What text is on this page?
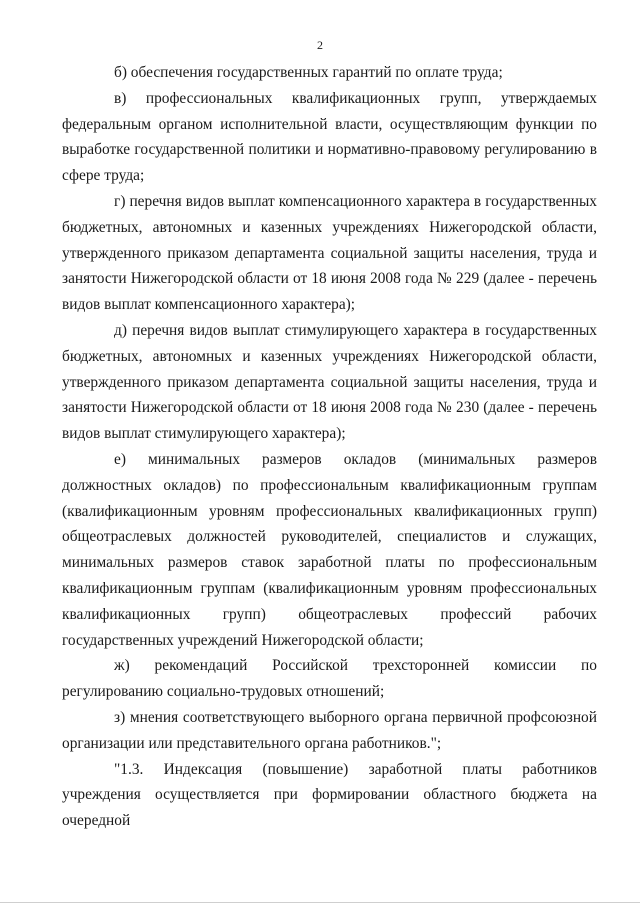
2

б) обеспечения государственных гарантий по оплате труда;

в) профессиональных квалификационных групп, утверждаемых федеральным органом исполнительной власти, осуществляющим функции по выработке государственной политики и нормативно-правовому регулированию в сфере труда;

г) перечня видов выплат компенсационного характера в государственных бюджетных, автономных и казенных учреждениях Нижегородской области, утвержденного приказом департамента социальной защиты населения, труда и занятости Нижегородской области от 18 июня 2008 года № 229 (далее - перечень видов выплат компенсационного характера);

д) перечня видов выплат стимулирующего характера в государственных бюджетных, автономных и казенных учреждениях Нижегородской области, утвержденного приказом департамента социальной защиты населения, труда и занятости Нижегородской области от 18 июня 2008 года № 230 (далее - перечень видов выплат стимулирующего характера);

е) минимальных размеров окладов (минимальных размеров должностных окладов) по профессиональным квалификационным группам (квалификационным уровням профессиональных квалификационных групп) общеотраслевых должностей руководителей, специалистов и служащих, минимальных размеров ставок заработной платы по профессиональным квалификационным группам (квалификационным уровням профессиональных квалификационных групп) общеотраслевых профессий рабочих государственных учреждений Нижегородской области;

ж) рекомендаций Российской трехсторонней комиссии по регулированию социально-трудовых отношений;

з) мнения соответствующего выборного органа первичной профсоюзной организации или представительного органа работников.";

"1.3. Индексация (повышение) заработной платы работников учреждения осуществляется при формировании областного бюджета на очередной
